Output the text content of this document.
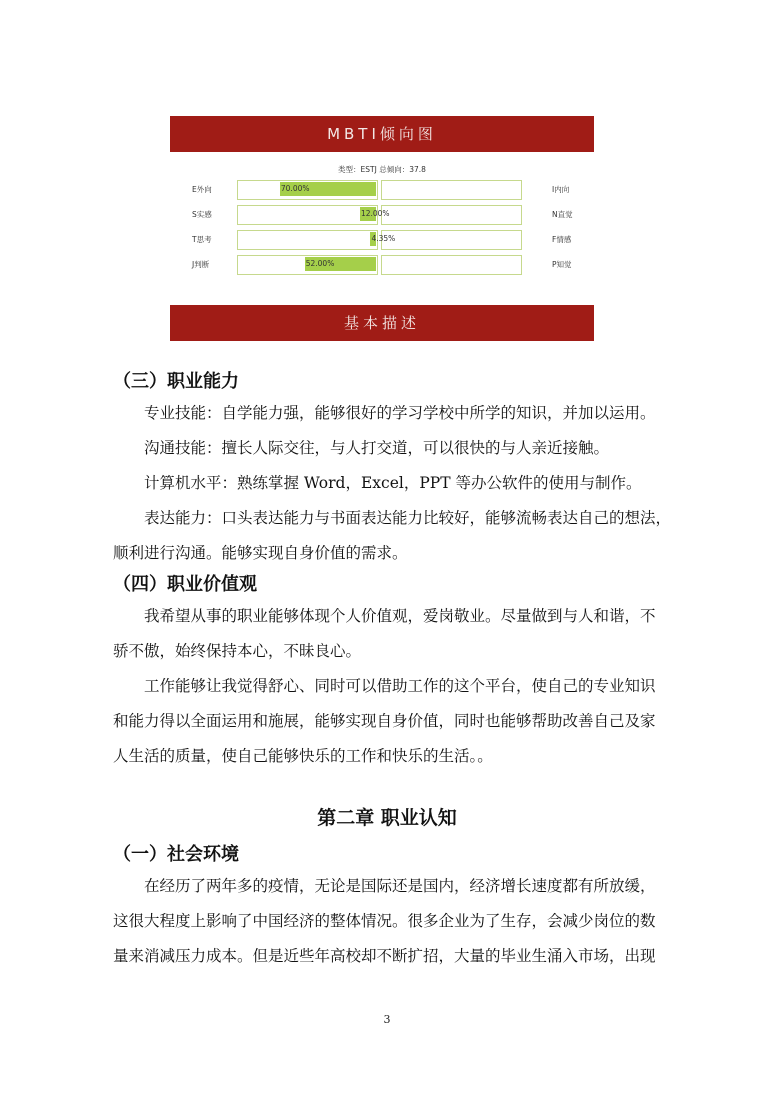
MBTI倾向图
类型：ESTJ 总倾向：37.8
E外向	70.00%	I内向
S实感	12.00%	N直觉
T思考	4.35%	F情感
J判断	52.00%	P知觉
基本描述
（三）职业能力
专业技能：自学能力强，能够很好的学习学校中所学的知识，并加以运用。
沟通技能：擅长人际交往，与人打交道，可以很快的与人亲近接触。
计算机水平：熟练掌握 Word，Excel，PPT 等办公软件的使用与制作。
表达能力：口头表达能力与书面表达能力比较好，能够流畅表达自己的想法，
顺利进行沟通。能够实现自身价值的需求。
（四）职业价值观
我希望从事的职业能够体现个人价值观，爱岗敬业。尽量做到与人和谐，不
骄不傲，始终保持本心，不昧良心。
工作能够让我觉得舒心、同时可以借助工作的这个平台，使自己的专业知识
和能力得以全面运用和施展，能够实现自身价值，同时也能够帮助改善自己及家
人生活的质量，使自己能够快乐的工作和快乐的生活。。
第二章 职业认知
（一）社会环境
在经历了两年多的疫情，无论是国际还是国内，经济增长速度都有所放缓，
这很大程度上影响了中国经济的整体情况。很多企业为了生存，会减少岗位的数
量来消减压力成本。但是近些年高校却不断扩招，大量的毕业生涌入市场，出现
3
